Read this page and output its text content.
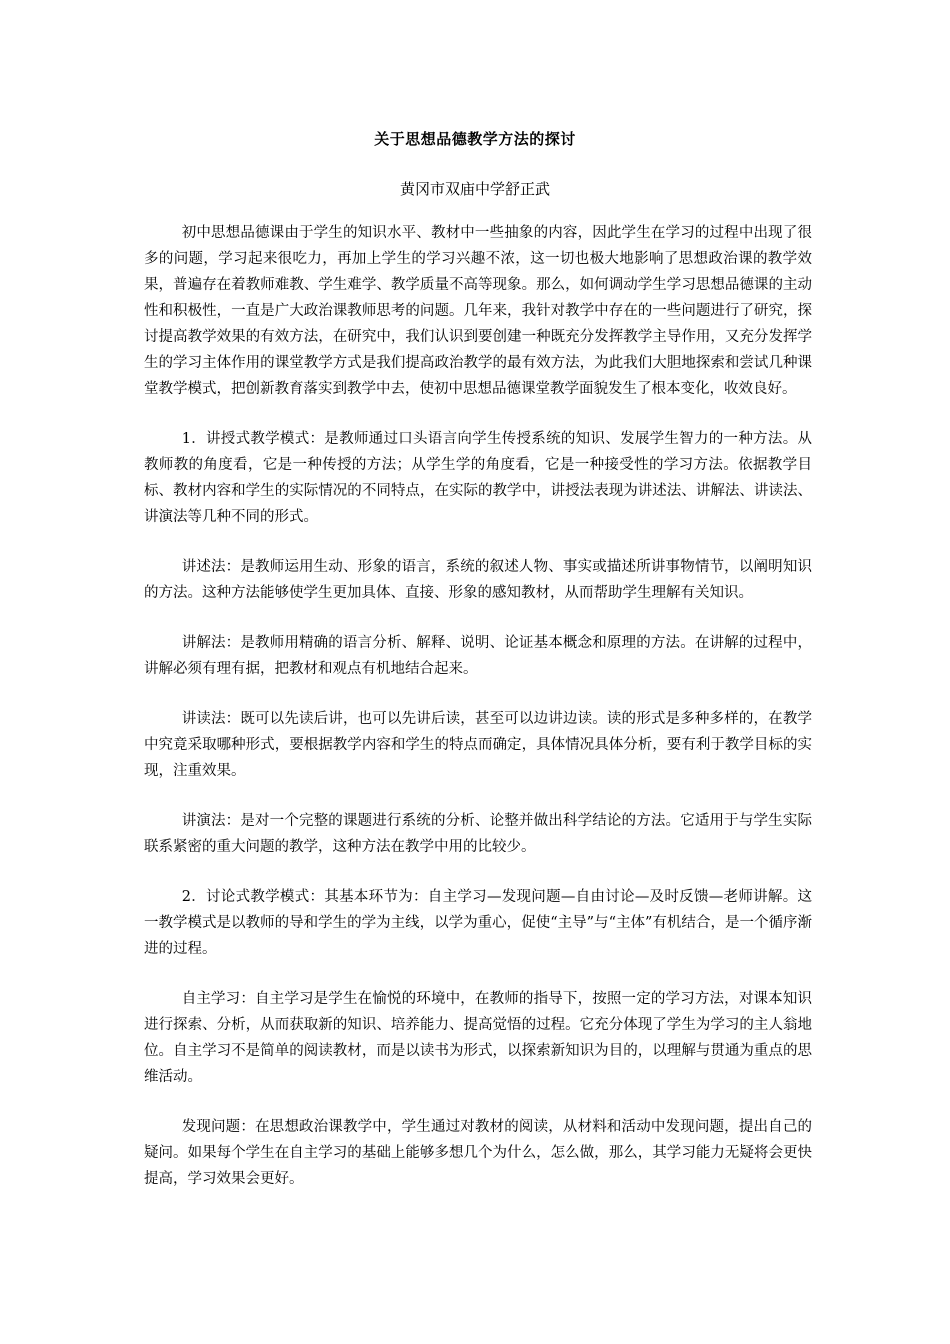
关于思想品德教学方法的探讨

黄冈市双庙中学舒正武

初中思想品德课由于学生的知识水平、教材中一些抽象的内容，因此学生在学习的过程中出现了很多的问题，学习起来很吃力，再加上学生的学习兴趣不浓，这一切也极大地影响了思想政治课的教学效果，普遍存在着教师难教、学生难学、教学质量不高等现象。那么，如何调动学生学习思想品德课的主动性和积极性，一直是广大政治课教师思考的问题。几年来，我针对教学中存在的一些问题进行了研究，探讨提高教学效果的有效方法，在研究中，我们认识到要创建一种既充分发挥教学主导作用，又充分发挥学生的学习主体作用的课堂教学方式是我们提高政治教学的最有效方法，为此我们大胆地探索和尝试几种课堂教学模式，把创新教育落实到教学中去，使初中思想品德课堂教学面貌发生了根本变化，收效良好。

1．讲授式教学模式：是教师通过口头语言向学生传授系统的知识、发展学生智力的一种方法。从教师教的角度看，它是一种传授的方法；从学生学的角度看，它是一种接受性的学习方法。依据教学目标、教材内容和学生的实际情况的不同特点，在实际的教学中，讲授法表现为讲述法、讲解法、讲读法、讲演法等几种不同的形式。

讲述法：是教师运用生动、形象的语言，系统的叙述人物、事实或描述所讲事物情节，以阐明知识的方法。这种方法能够使学生更加具体、直接、形象的感知教材，从而帮助学生理解有关知识。

讲解法：是教师用精确的语言分析、解释、说明、论证基本概念和原理的方法。在讲解的过程中，讲解必须有理有据，把教材和观点有机地结合起来。

讲读法：既可以先读后讲，也可以先讲后读，甚至可以边讲边读。读的形式是多种多样的，在教学中究竟采取哪种形式，要根据教学内容和学生的特点而确定，具体情况具体分析，要有利于教学目标的实现，注重效果。

讲演法：是对一个完整的课题进行系统的分析、论整并做出科学结论的方法。它适用于与学生实际联系紧密的重大问题的教学，这种方法在教学中用的比较少。

2．讨论式教学模式：其基本环节为：自主学习—发现问题—自由讨论—及时反馈—老师讲解。这一教学模式是以教师的导和学生的学为主线，以学为重心，促使“主导”与“主体”有机结合，是一个循序渐进的过程。

自主学习：自主学习是学生在愉悦的环境中，在教师的指导下，按照一定的学习方法，对课本知识进行探索、分析，从而获取新的知识、培养能力、提高觉悟的过程。它充分体现了学生为学习的主人翁地位。自主学习不是简单的阅读教材，而是以读书为形式，以探索新知识为目的，以理解与贯通为重点的思维活动。

发现问题：在思想政治课教学中，学生通过对教材的阅读，从材料和活动中发现问题，提出自己的疑问。如果每个学生在自主学习的基础上能够多想几个为什么，怎么做，那么，其学习能力无疑将会更快提高，学习效果会更好。
